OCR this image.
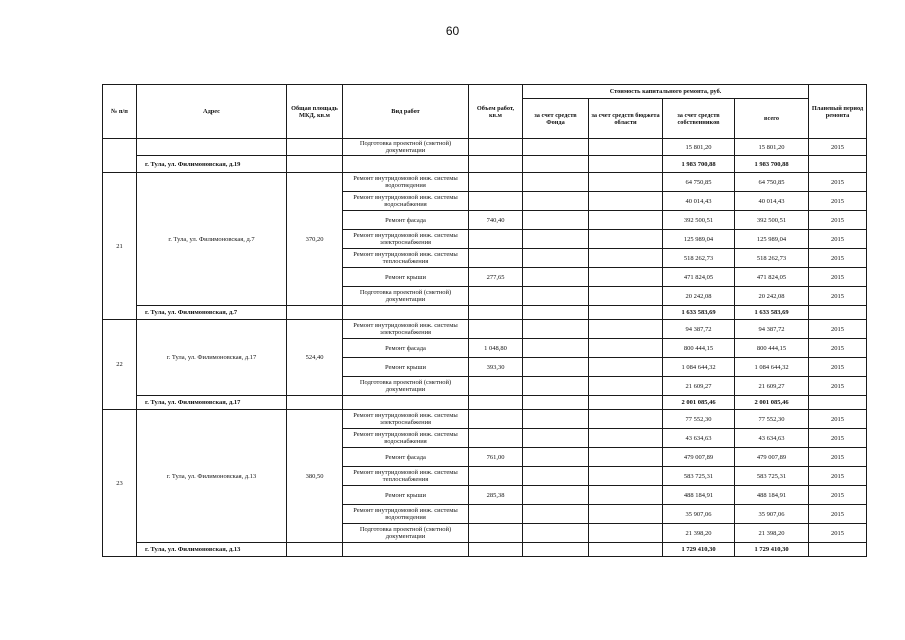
60
№ п/п	Адрес	Общая площадь МКД, кв.м	Вид работ	Объем работ, кв.м	Стоимость капитального ремонта, руб.				Планевый период ремонта
					за счет средств Фонда	за счет средств бюджета области	за счет средств собственников	всего	
			Подготовка проектной (сметной) документации				15 801,20	15 801,20	2015
	г. Тула, ул. Филимоновская, д.19						1 983 700,88	1 983 700,88	
21	г. Тула, ул. Филимоновская, д.7	370,20	Ремонт внутридомовой инж. системы водоотведения				64 750,85	64 750,85	2015
			Ремонт внутридомовой инж. системы водоснабжения				40 014,43	40 014,43	2015
			Ремонт фасада	740,40			392 500,51	392 500,51	2015
			Ремонт внутридомовой инж. системы электроснабжения				125 989,04	125 989,04	2015
			Ремонт внутридомовой инж. системы теплоснабжения				518 262,73	518 262,73	2015
			Ремонт крыши	277,65			471 824,05	471 824,05	2015
			Подготовка проектной (сметной) документации				20 242,08	20 242,08	2015
	г. Тула, ул. Филимоновская, д.7						1 633 583,69	1 633 583,69	
22	г. Тула, ул. Филимоновская, д.17	524,40	Ремонт внутридомовой инж. системы электроснабжения				94 387,72	94 387,72	2015
			Ремонт фасада	1 048,80			800 444,15	800 444,15	2015
			Ремонт крыши	393,30			1 084 644,32	1 084 644,32	2015
			Подготовка проектной (сметной) документации				21 609,27	21 609,27	2015
	г. Тула, ул. Филимоновская, д.17						2 001 085,46	2 001 085,46	
23	г. Тула, ул. Филимоновская, д.13	380,50	Ремонт внутридомовой инж. системы электроснабжения				77 552,30	77 552,30	2015
			Ремонт внутридомовой инж. системы водоснабжения				43 634,63	43 634,63	2015
			Ремонт фасада	761,00			479 007,89	479 007,89	2015
			Ремонт внутридомовой инж. системы теплоснабжения				583 725,31	583 725,31	2015
			Ремонт крыши	285,38			488 184,91	488 184,91	2015
			Ремонт внутридомовой инж. системы водоотведения				35 907,06	35 907,06	2015
			Подготовка проектной (сметной) документации				21 398,20	21 398,20	2015
	г. Тула, ул. Филимоновская, д.13						1 729 410,30	1 729 410,30	
